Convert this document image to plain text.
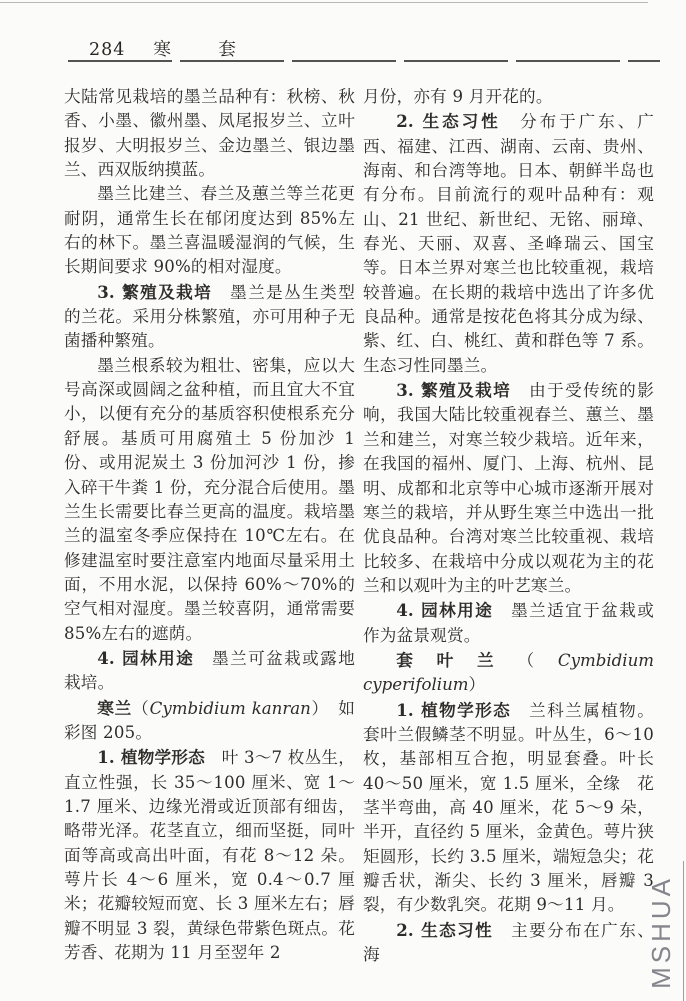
284 寒　套

大陆常见栽培的墨兰品种有：秋榜、秋香、小墨、徽州墨、凤尾报岁兰、立叶报岁、大明报岁兰、金边墨兰、银边墨兰、西双版纳摸蓝。

墨兰比建兰、春兰及蕙兰等兰花更耐阴，通常生长在郁闭度达到 85%左右的林下。墨兰喜温暖湿润的气候，生长期间要求 90%的相对湿度。

3. 繁殖及栽培　墨兰是丛生类型的兰花。采用分株繁殖，亦可用种子无菌播种繁殖。

墨兰根系较为粗壮、密集，应以大号高深或圆阔之盆种植，而且宜大不宜小，以便有充分的基质容积使根系充分舒展。基质可用腐殖土 5 份加沙 1 份、或用泥炭土 3 份加河沙 1 份，掺入碎干牛粪 1 份，充分混合后使用。墨兰生长需要比春兰更高的温度。栽培墨兰的温室冬季应保持在 10℃左右。在修建温室时要注意室内地面尽量采用土面，不用水泥，以保持 60%～70%的空气相对湿度。墨兰较喜阴，通常需要 85%左右的遮荫。

4. 园林用途　墨兰可盆栽或露地栽培。

寒兰（Cymbidium kanran）　如彩图 205。

1. 植物学形态　叶 3～7 枚丛生，直立性强，长 35～100 厘米、宽 1～1.7 厘米、边缘光滑或近顶部有细齿，略带光泽。花茎直立，细而坚挺，同叶面等高或高出叶面，有花 8～12 朵。萼片长 4～6 厘米，宽 0.4～0.7 厘米；花瓣较短而宽、长 3 厘米左右；唇瓣不明显 3 裂，黄绿色带紫色斑点。花芳香、花期为 11 月至翌年 2

月份，亦有 9 月开花的。

2. 生态习性　分布于广东、广西、福建、江西、湖南、云南、贵州、海南、和台湾等地。日本、朝鲜半岛也有分布。目前流行的观叶品种有：观山、21 世纪、新世纪、无铭、丽璋、春光、天丽、双喜、圣峰瑞云、国宝等。日本兰界对寒兰也比较重视，栽培较普遍。在长期的栽培中选出了许多优良品种。通常是按花色将其分成为绿、紫、红、白、桃红、黄和群色等 7 系。生态习性同墨兰。

3. 繁殖及栽培　由于受传统的影响，我国大陆比较重视春兰、蕙兰、墨兰和建兰，对寒兰较少栽培。近年来，在我国的福州、厦门、上海、杭州、昆明、成都和北京等中心城市逐渐开展对寒兰的栽培，并从野生寒兰中选出一批优良品种。台湾对寒兰比较重视、栽培比较多、在栽培中分成以观花为主的花兰和以观叶为主的叶艺寒兰。

4. 园林用途　墨兰适宜于盆栽或作为盆景观赏。

套叶兰（Cymbidium cyperifolium）

1. 植物学形态　兰科兰属植物。套叶兰假鳞茎不明显。叶丛生，6～10 枚，基部相互合抱，明显套叠。叶长 40～50 厘米，宽 1.5 厘米，全缘　花茎半弯曲，高 40 厘米，花 5～9 朵，半开，直径约 5 厘米，金黄色。萼片狭矩圆形，长约 3.5 厘米，端短急尖；花瓣舌状，渐尖、长约 3 厘米，唇瓣 3 裂，有少数乳突。花期 9～11 月。

2. 生态习性　主要分布在广东、海	MSHUA
